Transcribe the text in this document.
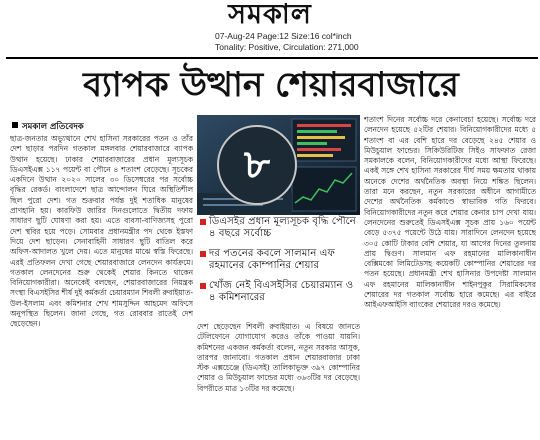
সমকাল
07-Aug-24 Page:12 Size:16 col*inch
Tonality: Positive, Circulation: 271,000
ব্যাপক উত্থান শেয়ারবাজারে
সমকাল প্রতিবেদক

ছাত্র-জনতার অভ্যুত্থানে শেখ হাসিনা সরকারের পতন ও তাঁর দেশ ছাড়ার পরদিন গতকাল মঙ্গলবার শেয়ারবাজারে ব্যাপক উত্থান হয়েছে। ঢাকার শেয়ারবাজারের প্রধান মূল্যসূচক ডিএসইএক্স ১১৭ পয়েন্ট বা পৌনে ৪ শতাংশ বেড়েছে। সূচকের একদিনে উত্থান ২০২০ সালের ৩০ ডিসেম্বরের পর সর্বোচ্চ বৃদ্ধির রেকর্ড। বাংলাদেশে ছাত্র আন্দোলন ঘিরে অস্থিতিশীল ছিল পুরো দেশ। গত শুক্রবার পর্যন্ত দুই শতাধিক মানুষের প্রাণহানি হয়। কারফিউ জারির দিনগুলোতে দ্বিতীয় দফায় সাধারণ ছুটি ঘোষণা করা হয়। এতে ব্যবসা-বাণিজ্যসহ পুরো দেশ স্থবির হয়ে পড়ে। সোমবার প্রধানমন্ত্রীর পদ থেকে ইস্তফা দিয়ে দেশ ছাড়েন। সেনাবাহিনী সাধারণ ছুটি বাতিল করে অফিস-আদালত খুলে দেয়। এতে মানুষের মাঝে স্বস্তি ফিরেছে। এরই প্রতিফলন দেখা গেছে শেয়ারবাজারে লেনদেন কার্যক্রমে। গতকাল লেনদেনের শুরু থেকেই শেয়ার কিনতে থাকেন বিনিয়োগকারীরা। অনেকেই বলছেন, শেয়ারবাজারের নিয়ন্ত্রক সংস্থা বিএসইসির শীর্ষ দুই কর্মকর্তা চেয়ারম্যান শিবলী রুবাইয়াত-উল-ইসলাম এবং কমিশনার শেখ শামসুদ্দিন আহমেদ অফিসে অনুপস্থিত ছিলেন। জানা গেছে, গত রোববার রাতেই দেশ ছেড়েছেন।

৮
ডিএসইর প্রধান মূল্যসূচক বৃদ্ধি পৌনে ৪ বছরে সর্বোচ্চ
দর পতনের কবলে সালমান এফ রহমানের কোম্পানির শেয়ার
খোঁজ নেই বিএসইসির চেয়ারম্যান ও ৪ কমিশনারের

দেশ ছেড়েছেন শিবলী রুবাইয়াত। এ বিষয়ে জানতে টেলিফোনে যোগাযোগ করেও তাঁকে পাওয়া যায়নি। কমিশনের একজন কর্মকর্তা বলেন, নতুন সরকার আসুক, তারপর জানাবো। গতকাল প্রধান শেয়ারবাজার ঢাকা স্টক এক্সচেঞ্জে (ডিএসই) তালিকাভুক্ত ৩৯৭ কোম্পানির শেয়ার ও মিউচুয়াল ফান্ডের মধ্যে ৩৬৩টির দর বেড়েছে। বিপরীতে মাত্র ১৩টির দর কমেছে।

শতাংশ দিনের সর্বোচ্চ দরে কেনাবেচা হয়েছে। সর্বোচ্চ দরে লেনদেন হয়েছে ৫২টির শেয়ার। বিনিয়োগকারীদের মধ্যে ৫ শতাংশ বা এর বেশি হারে দর বেড়েছে ২৪৫ শেয়ার ও মিউচুয়াল ফান্ডের। সিকিউরিটিজ সিইও সাফফাত রেজা সমকালকে বলেন, বিনিয়োগকারীদের মধ্যে আস্থা ফিরেছে। একই সঙ্গে শেখ হাসিনা সরকারের দীর্ঘ সময় ক্ষমতায় থাকায় অনেকে দেশের অর্থনৈতিক অবস্থা নিয়ে শঙ্কিত ছিলেন। তারা মনে করছেন, নতুন সরকারের অধীনে আগামীতে দেশের অর্থনৈতিক কর্মকাণ্ডে স্বাভাবিক গতি ফিরবে। বিনিয়োগকারীদের নতুন করে শেয়ার কেনার চাপ দেখা যায়। লেনদেনের শুরুতেই ডিএসইএক্স সূচক প্রায় ১৬০ পয়েন্ট বেড়ে ৫৩৭৫ পয়েন্টে উঠে যায়। সারাদিনে লেনদেন হয়েছে ৩০৫ কোটি টাকার বেশি শেয়ার, যা আগের দিনের তুলনায় প্রায় দ্বিগুণ। সালমান এফ রহমানের মালিকানাধীন বেক্সিমকো লিমিটেডসহ কয়েকটি কোম্পানির শেয়ারের দর পতন হয়েছে। প্রধানমন্ত্রী শেখ হাসিনার উপদেষ্টা সালমান এফ রহমানের মালিকানাধীন শাইনপুকুর সিরামিকসের শেয়ারের দর গতকাল সর্বোচ্চ হারে কমেছে। এর বাইরে আইএফআইসি ব্যাংকের শেয়ারের দরও কমেছে।
